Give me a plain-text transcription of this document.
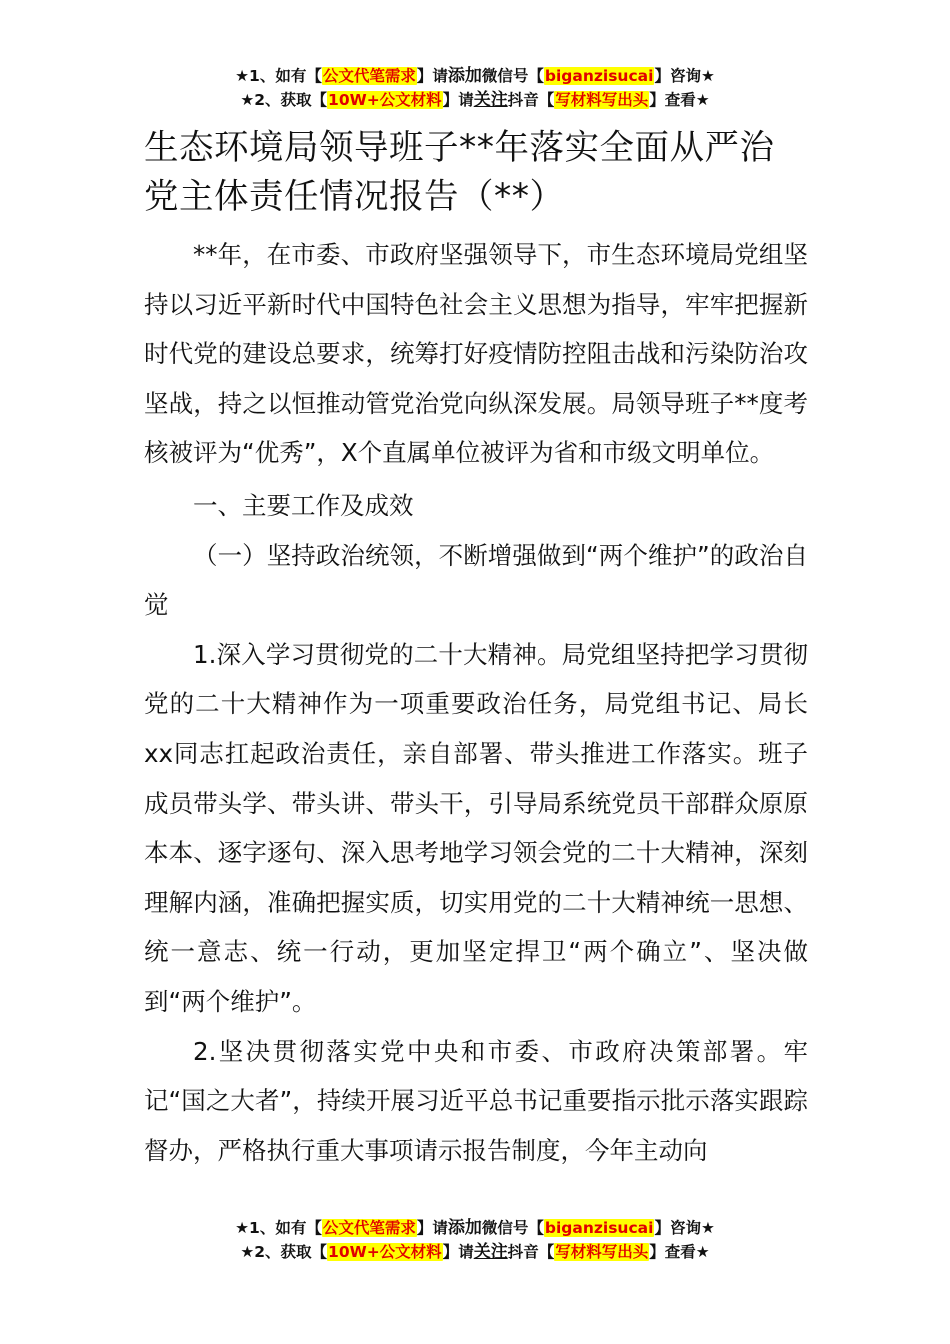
★1、如有【公文代笔需求】请添加微信号【biganzisucai】咨询★
★2、获取【10W+公文材料】请关注抖音【写材料写出头】查看★
生态环境局领导班子**年落实全面从严治党主体责任情况报告（**）

**年，在市委、市政府坚强领导下，市生态环境局党组坚持以习近平新时代中国特色社会主义思想为指导，牢牢把握新时代党的建设总要求，统筹打好疫情防控阻击战和污染防治攻坚战，持之以恒推动管党治党向纵深发展。局领导班子**度考核被评为“优秀”，X个直属单位被评为省和市级文明单位。

一、主要工作及成效

（一）坚持政治统领，不断增强做到“两个维护”的政治自觉

1.深入学习贯彻党的二十大精神。局党组坚持把学习贯彻党的二十大精神作为一项重要政治任务，局党组书记、局长xx同志扛起政治责任，亲自部署、带头推进工作落实。班子成员带头学、带头讲、带头干，引导局系统党员干部群众原原本本、逐字逐句、深入思考地学习领会党的二十大精神，深刻理解内涵，准确把握实质，切实用党的二十大精神统一思想、统一意志、统一行动，更加坚定捍卫“两个确立”、坚决做到“两个维护”。

2.坚决贯彻落实党中央和市委、市政府决策部署。牢记“国之大者”，持续开展习近平总书记重要指示批示落实跟踪督办，严格执行重大事项请示报告制度，今年主动向

★1、如有【公文代笔需求】请添加微信号【biganzisucai】咨询★
★2、获取【10W+公文材料】请关注抖音【写材料写出头】查看★
